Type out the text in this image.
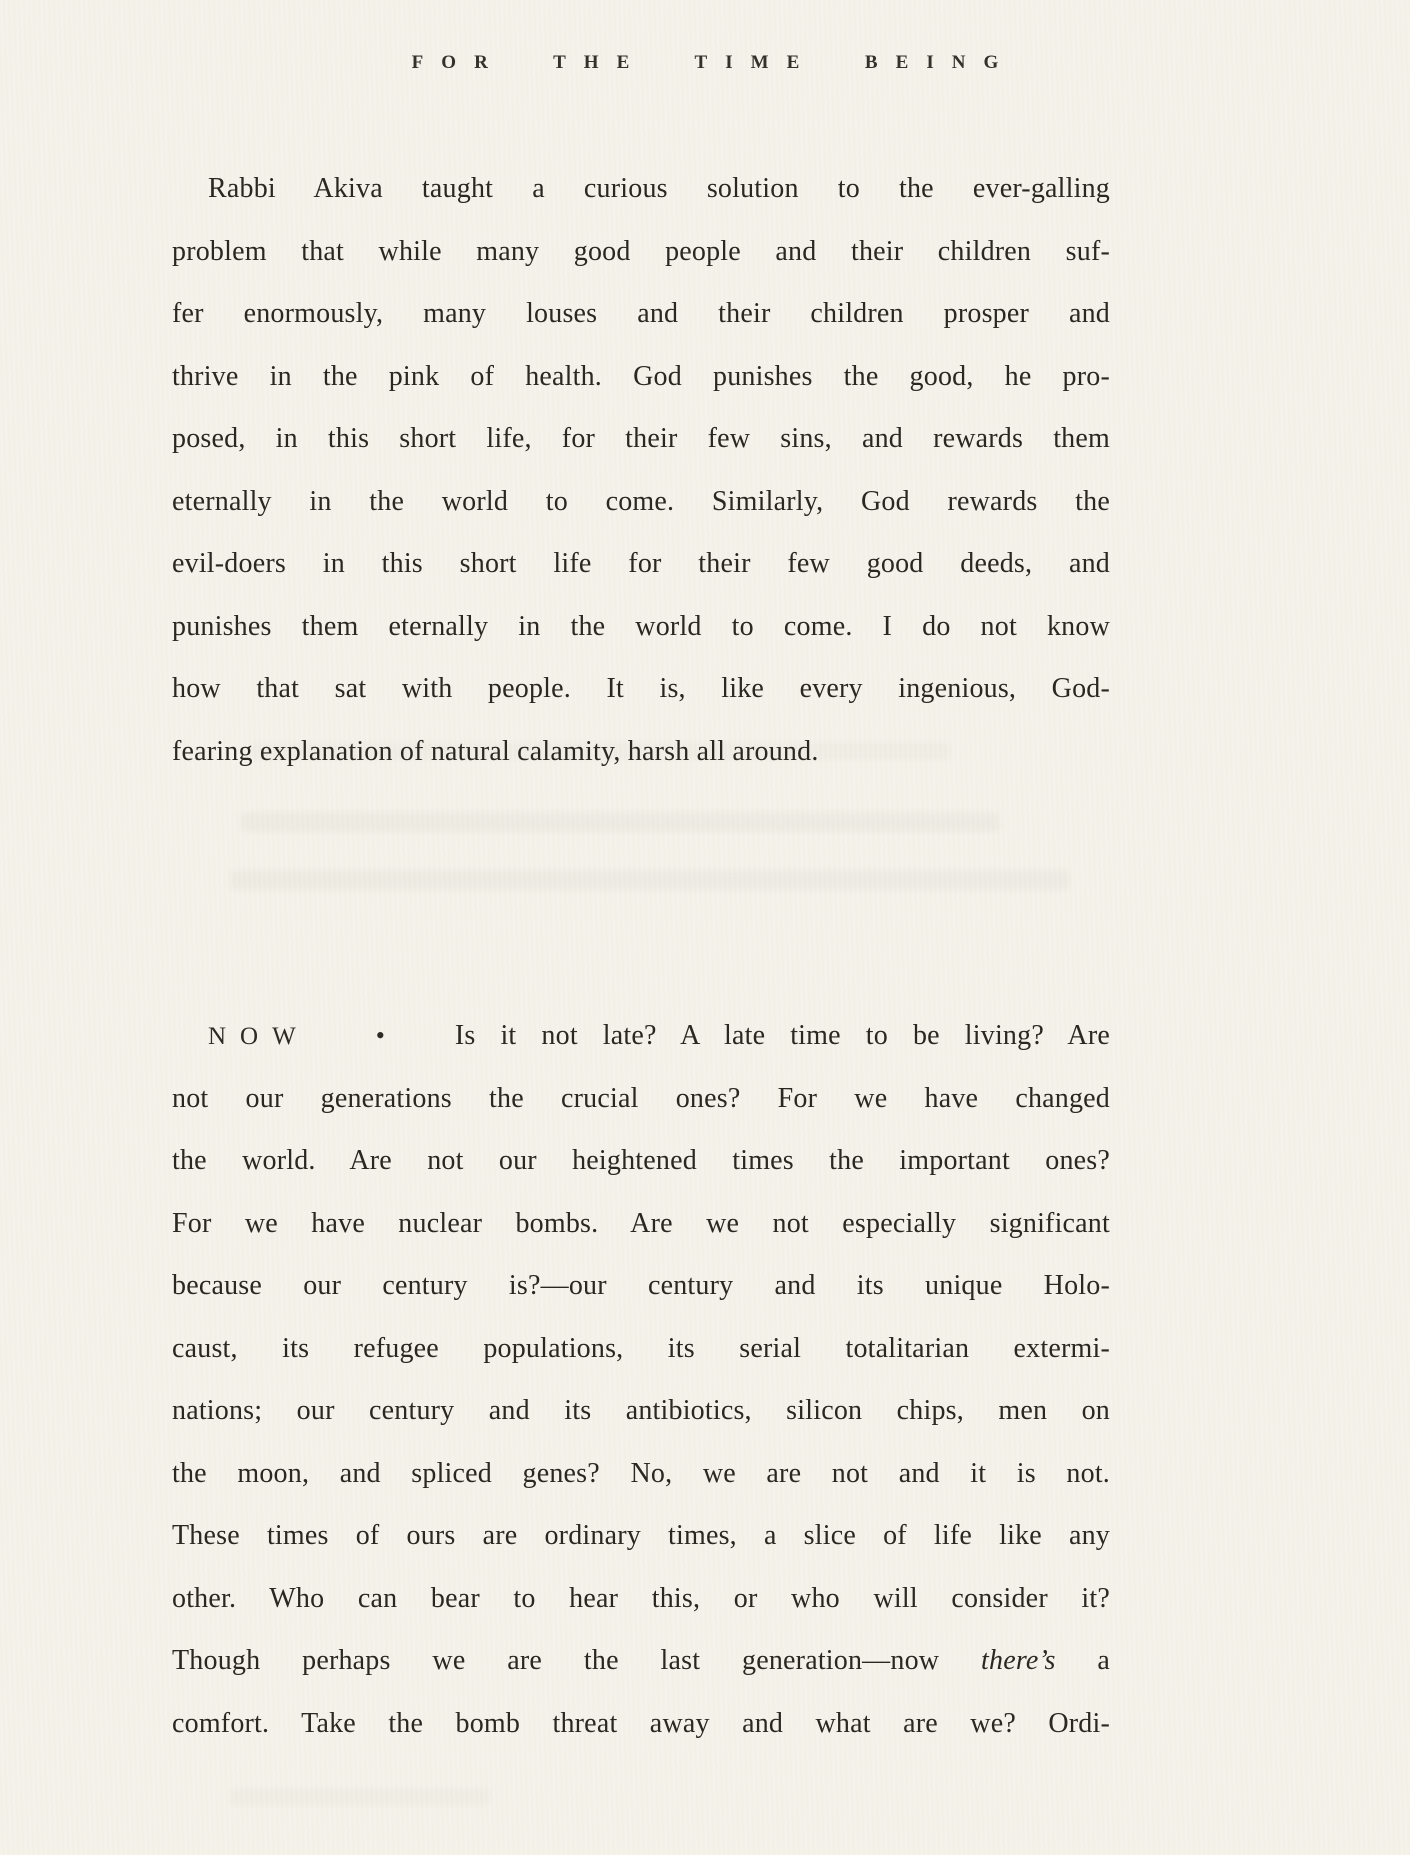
FOR THE TIME BEING
Rabbi Akiva taught a curious solution to the ever-galling
problem that while many good people and their children suf-
fer enormously, many louses and their children prosper and
thrive in the pink of health. God punishes the good, he pro-
posed, in this short life, for their few sins, and rewards them
eternally in the world to come. Similarly, God rewards the
evil-doers in this short life for their few good deeds, and
punishes them eternally in the world to come. I do not know
how that sat with people. It is, like every ingenious, God-
fearing explanation of natural calamity, harsh all around.
NOW	•	Is it not late? A late time to be living? Are
not our generations the crucial ones? For we have changed
the world. Are not our heightened times the important ones?
For we have nuclear bombs. Are we not especially significant
because our century is?—our century and its unique Holo-
caust, its refugee populations, its serial totalitarian extermi-
nations; our century and its antibiotics, silicon chips, men on
the moon, and spliced genes? No, we are not and it is not.
These times of ours are ordinary times, a slice of life like any
other. Who can bear to hear this, or who will consider it?
Though perhaps we are the last generation—now there’s a
comfort. Take the bomb threat away and what are we? Ordi-
